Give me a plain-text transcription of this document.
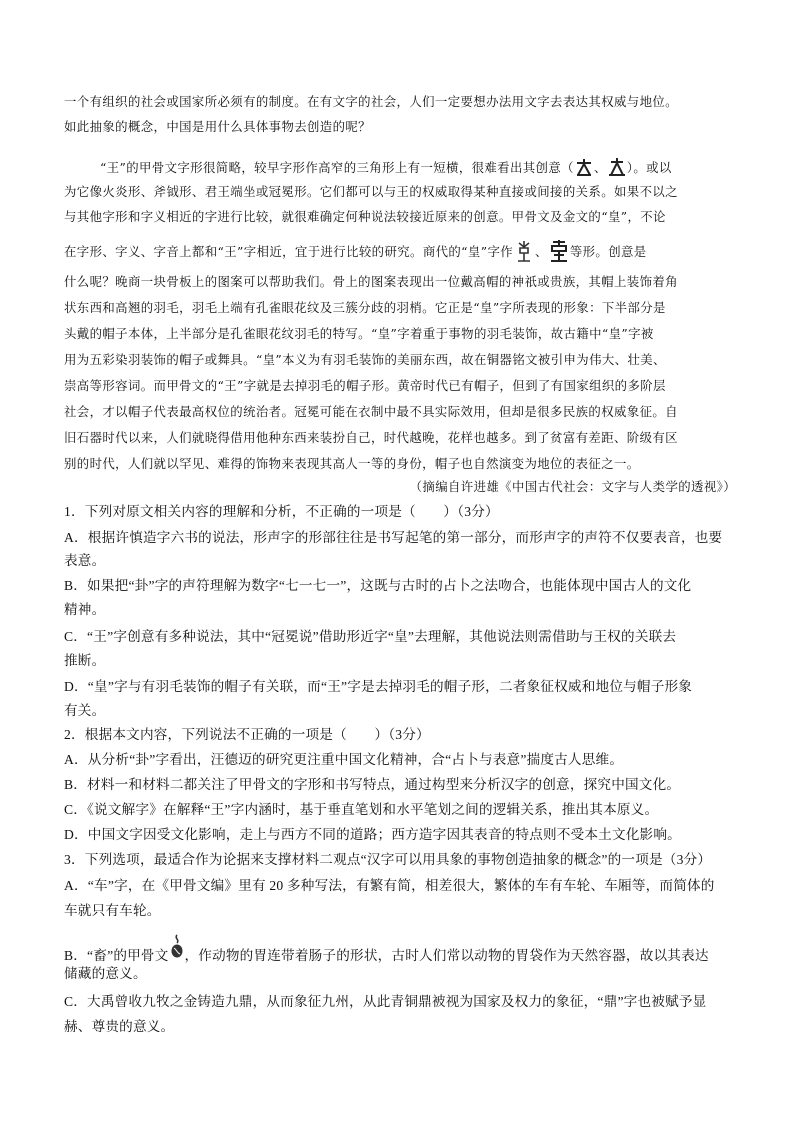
一个有组织的社会或国家所必须有的制度。在有文字的社会，人们一定要想办法用文字去表达其权威与地位。
如此抽象的概念，中国是用什么具体事物去创造的呢？
“王”的甲骨文字形很简略，较早字形作高窄的三角形上有一短横，很难看出其创意（ 、 ）。或以
为它像火炎形、斧钺形、君王端坐或冠冕形。它们都可以与王的权威取得某种直接或间接的关系。如果不以之
与其他字形和字义相近的字进行比较，就很难确定何种说法较接近原来的创意。甲骨文及金文的“皇”，不论
在字形、字义、字音上都和“王”字相近，宜于进行比较的研究。商代的“皇”字作 、 等形。创意是
什么呢？晚商一块骨板上的图案可以帮助我们。骨上的图案表现出一位戴高帽的神祇或贵族，其帽上装饰着角
状东西和高翘的羽毛，羽毛上端有孔雀眼花纹及三簇分歧的羽梢。它正是“皇”字所表现的形象：下半部分是
头戴的帽子本体，上半部分是孔雀眼花纹羽毛的特写。“皇”字着重于事物的羽毛装饰，故古籍中“皇”字被
用为五彩染羽装饰的帽子或舞具。“皇”本义为有羽毛装饰的美丽东西，故在铜器铭文被引申为伟大、壮美、
崇高等形容词。而甲骨文的“王”字就是去掉羽毛的帽子形。黄帝时代已有帽子，但到了有国家组织的多阶层
社会，才以帽子代表最高权位的统治者。冠冕可能在衣制中最不具实际效用，但却是很多民族的权威象征。自
旧石器时代以来，人们就晓得借用他种东西来装扮自己，时代越晚，花样也越多。到了贫富有差距、阶级有区
别的时代，人们就以罕见、难得的饰物来表现其高人一等的身份，帽子也自然演变为地位的表征之一。
（摘编自许进雄《中国古代社会：文字与人类学的透视》）
1．下列对原文相关内容的理解和分析，不正确的一项是（　　）（3分）
A．根据许慎造字六书的说法，形声字的形部往往是书写起笔的第一部分，而形声字的声符不仅要表音，也要
表意。
B．如果把“卦”字的声符理解为数字“七一七一”，这既与古时的占卜之法吻合，也能体现中国古人的文化
精神。
C．“王”字创意有多种说法，其中“冠冕说”借助形近字“皇”去理解，其他说法则需借助与王权的关联去
推断。
D．“皇”字与有羽毛装饰的帽子有关联，而“王”字是去掉羽毛的帽子形，二者象征权威和地位与帽子形象
有关。
2．根据本文内容，下列说法不正确的一项是（　　）（3分）
A．从分析“卦”字看出，汪德迈的研究更注重中国文化精神，合“占卜与表意”揣度古人思维。
B．材料一和材料二都关注了甲骨文的字形和书写特点，通过构型来分析汉字的创意，探究中国文化。
C．《说文解字》在解释“王”字内涵时，基于垂直笔划和水平笔划之间的逻辑关系，推出其本原义。
D．中国文字因受文化影响，走上与西方不同的道路；西方造字因其表音的特点则不受本土文化影响。
3．下列选项，最适合作为论据来支撑材料二观点“汉字可以用具象的事物创造抽象的概念”的一项是（3分）
A．“车”字，在《甲骨文编》里有 20 多种写法，有繁有简，相差很大，繁体的车有车轮、车厢等，而简体的
车就只有车轮。
B．“畜”的甲骨文 ，作动物的胃连带着肠子的形状，古时人们常以动物的胃袋作为天然容器，故以其表达
储藏的意义。
C．大禹曾收九牧之金铸造九鼎，从而象征九州，从此青铜鼎被视为国家及权力的象征，“鼎”字也被赋予显
赫、尊贵的意义。
